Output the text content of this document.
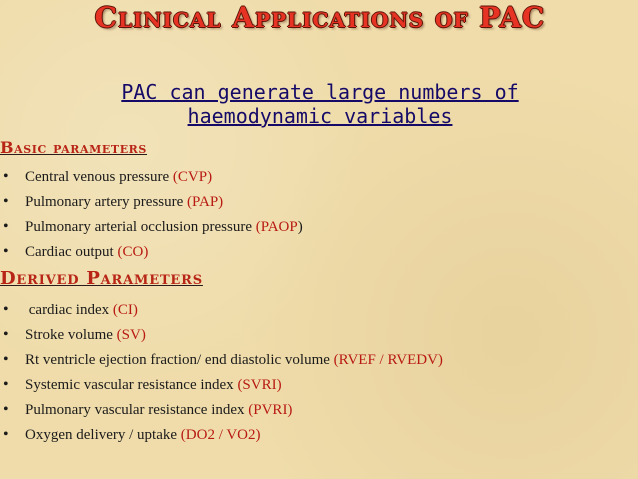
Clinical Applications of PAC
PAC can generate large numbers of haemodynamic variables
Basic parameters
• Central venous pressure (CVP)
• Pulmonary artery pressure (PAP)
• Pulmonary arterial occlusion pressure (PAOP)
• Cardiac output (CO)
Derived Parameters
• cardiac index (CI)
• Stroke volume (SV)
• Rt ventricle ejection fraction/ end diastolic volume (RVEF / RVEDV)
• Systemic vascular resistance index (SVRI)
• Pulmonary vascular resistance index (PVRI)
• Oxygen delivery / uptake (DO2 / VO2)
